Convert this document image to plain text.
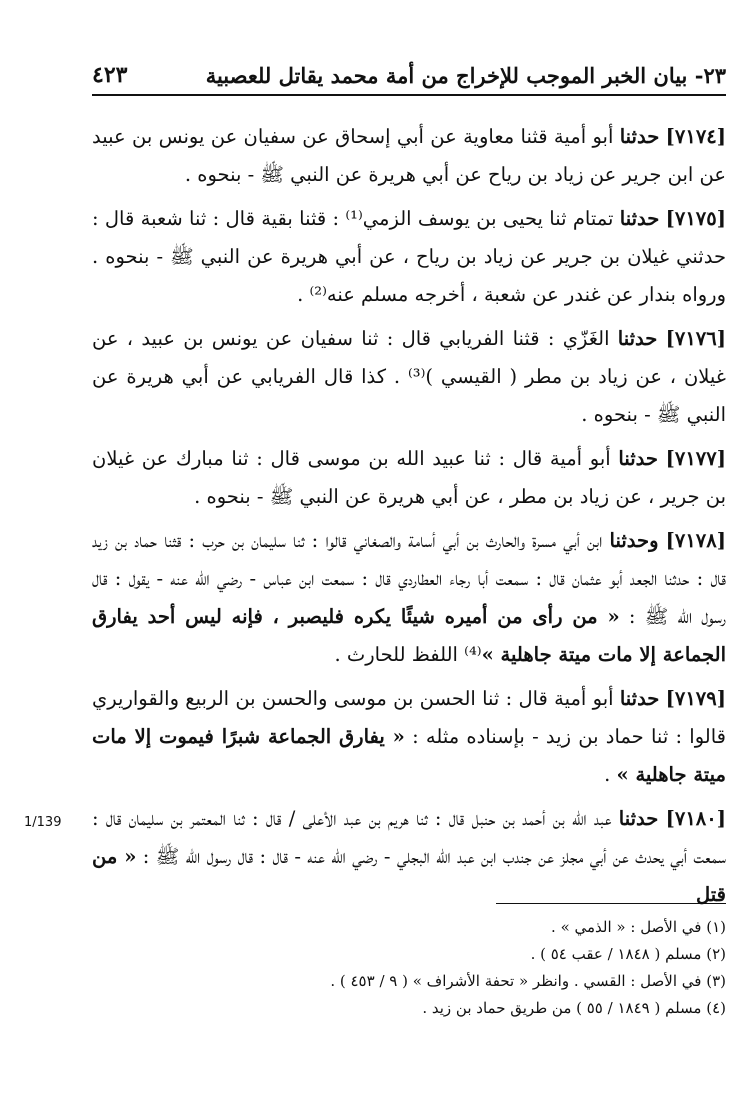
٢٣- بيان الخبر الموجب للإخراج من أمة محمد يقاتل للعصبية
٤٢٣

[٧١٧٤] حدثنا أبو أمية قثنا معاوية عن أبي إسحاق عن سفيان عن يونس بن عبيد عن ابن جرير عن زياد بن رياح عن أبي هريرة عن النبي ﷺ - بنحوه .

[٧١٧٥] حدثنا تمتام ثنا يحيى بن يوسف الزمي⁽¹⁾ : قثنا بقية قال : ثنا شعبة قال : حدثني غيلان بن جرير عن زياد بن رياح ، عن أبي هريرة عن النبي ﷺ - بنحوه . ورواه بندار عن غندر عن شعبة ، أخرجه مسلم عنه⁽²⁾ .

[٧١٧٦] حدثنا الغَزّي : قثنا الفريابي قال : ثنا سفيان عن يونس بن عبيد ، عن غيلان ، عن زياد بن مطر ( القيسي )⁽³⁾ . كذا قال الفريابي عن أبي هريرة عن النبي ﷺ - بنحوه .

[٧١٧٧] حدثنا أبو أمية قال : ثنا عبيد الله بن موسى قال : ثنا مبارك عن غيلان بن جرير ، عن زياد بن مطر ، عن أبي هريرة عن النبي ﷺ - بنحوه .

[٧١٧٨] وحدثنا ابن أبي مسرة والحارث بن أبي أسامة والصغاني قالوا : ثنا سليمان بن حرب : قثنا حماد بن زيد قال : حدثنا الجعد أبو عثمان قال : سمعت أبا رجاء العطاردي قال : سمعت ابن عباس - رضي الله عنه - يقول : قال رسول الله ﷺ : « من رأى من أميره شيئًا يكره فليصبر ، فإنه ليس أحد يفارق الجماعة إلا مات ميتة جاهلية »⁽⁴⁾ اللفظ للحارث .

[٧١٧٩] حدثنا أبو أمية قال : ثنا الحسن بن موسى والحسن بن الربيع والقواريري قالوا : ثنا حماد بن زيد - بإسناده مثله : « يفارق الجماعة شبرًا فيموت إلا مات ميتة جاهلية » .

[٧١٨٠] حدثنا عبد الله بن أحمد بن حنبل قال : ثنا هريم بن عبد الأعلى / قال : ثنا المعتمر بن سليمان قال : سمعت أبي يحدث عن أبي مجلز عن جندب ابن عبد الله البجلي - رضي الله عنه - قال : قال رسول الله ﷺ : « من قتل

1/139

(١) في الأصل : « الذمي » .

(٢) مسلم ( ١٨٤٨ / عقب ٥٤ ) .

(٣) في الأصل : القسي . وانظر « تحفة الأشراف » ( ٩ / ٤٥٣ ) .

(٤) مسلم ( ١٨٤٩ / ٥٥ ) من طريق حماد بن زيد .
